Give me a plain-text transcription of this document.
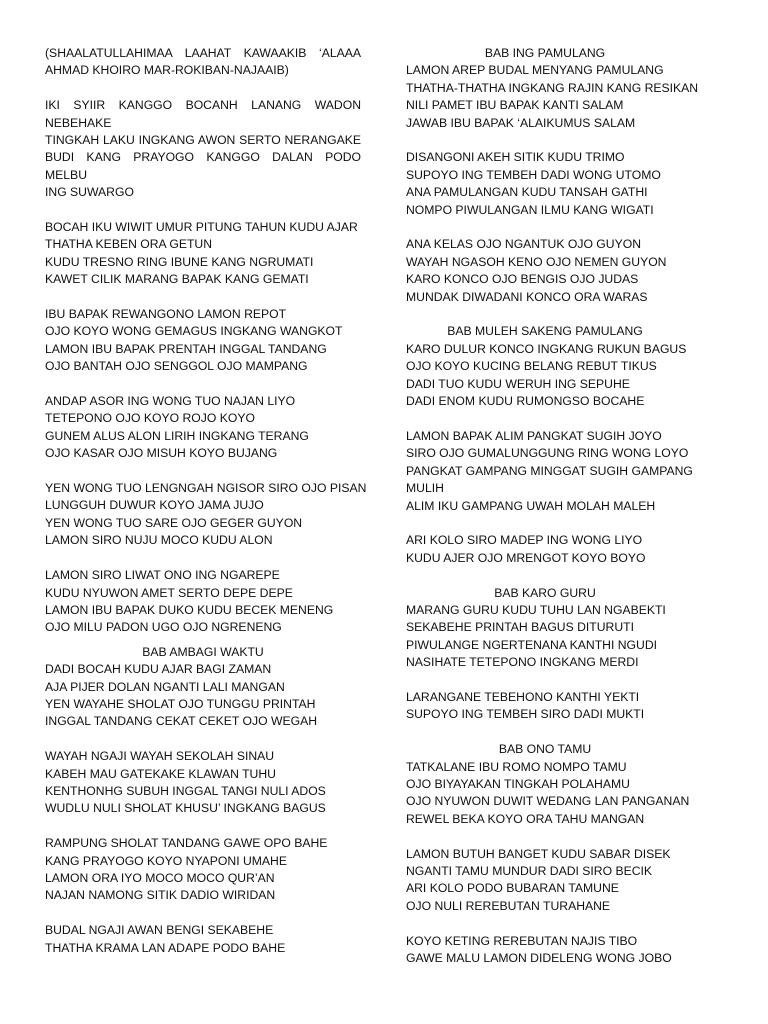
(SHAALATULLAHIMAA LAAHAT KAWAAKIB ‘ALAAA
AHMAD KHOIRO MAR-ROKIBAN-NAJAAIB)
IKI SYIIR KANGGO BOCANH LANANG WADON NEBEHAKE
TINGKAH LAKU INGKANG AWON SERTO NERANGAKE
BUDI KANG PRAYOGO KANGGO DALAN PODO MELBU
ING SUWARGO
BOCAH IKU WIWIT UMUR PITUNG TAHUN KUDU AJAR
THATHA KEBEN ORA GETUN
KUDU TRESNO RING IBUNE KANG NGRUMATI
KAWET CILIK MARANG BAPAK KANG GEMATI
IBU BAPAK REWANGONO LAMON REPOT
OJO KOYO WONG GEMAGUS INGKANG WANGKOT
LAMON IBU BAPAK PRENTAH INGGAL TANDANG
OJO BANTAH OJO SENGGOL OJO MAMPANG
ANDAP ASOR ING WONG TUO NAJAN LIYO
TETEPONO OJO KOYO ROJO KOYO
GUNEM ALUS ALON LIRIH INGKANG TERANG
OJO KASAR OJO MISUH KOYO BUJANG
YEN WONG TUO LENGNGAH NGISOR SIRO OJO PISAN
LUNGGUH DUWUR KOYO JAMA JUJO
YEN WONG TUO SARE OJO GEGER GUYON
LAMON SIRO NUJU MOCO KUDU ALON
LAMON SIRO LIWAT ONO ING NGAREPE
KUDU NYUWON AMET SERTO DEPE DEPE
LAMON IBU BAPAK DUKO KUDU BECEK MENENG
OJO MILU PADON UGO OJO NGRENENG
BAB AMBAGI WAKTU
DADI BOCAH KUDU AJAR BAGI ZAMAN
AJA PIJER DOLAN NGANTI LALI MANGAN
YEN WAYAHE SHOLAT OJO TUNGGU PRINTAH
INGGAL TANDANG CEKAT CEKET OJO WEGAH
WAYAH NGAJI WAYAH SEKOLAH SINAU
KABEH MAU GATEKAKE KLAWAN TUHU
KENTHONHG SUBUH INGGAL TANGI NULI ADOS
WUDLU NULI SHOLAT KHUSU’ INGKANG BAGUS
RAMPUNG SHOLAT TANDANG GAWE OPO BAHE
KANG PRAYOGO KOYO NYAPONI UMAHE
LAMON ORA IYO MOCO MOCO QUR’AN
NAJAN NAMONG SITIK DADIO WIRIDAN
BUDAL NGAJI AWAN BENGI SEKABEHE
THATHA KRAMA LAN ADAPE PODO BAHE
BAB ING PAMULANG
LAMON AREP BUDAL MENYANG PAMULANG
THATHA-THATHA INGKANG RAJIN KANG RESIKAN
NILI PAMET IBU BAPAK KANTI SALAM
JAWAB IBU BAPAK ‘ALAIKUMUS SALAM
DISANGONI AKEH SITIK KUDU TRIMO
SUPOYO ING TEMBEH DADI WONG UTOMO
ANA PAMULANGAN KUDU TANSAH GATHI
NOMPO PIWULANGAN ILMU KANG WIGATI
ANA KELAS OJO NGANTUK OJO GUYON
WAYAH NGASOH KENO OJO NEMEN GUYON
KARO KONCO OJO BENGIS OJO JUDAS
MUNDAK DIWADANI KONCO ORA WARAS
BAB MULEH SAKENG PAMULANG
KARO DULUR KONCO INGKANG RUKUN BAGUS
OJO KOYO KUCING BELANG REBUT TIKUS
DADI TUO KUDU WERUH ING SEPUHE
DADI ENOM KUDU RUMONGSO BOCAHE
LAMON BAPAK ALIM PANGKAT SUGIH JOYO
SIRO OJO GUMALUNGGUNG RING WONG LOYO
PANGKAT GAMPANG MINGGAT SUGIH GAMPANG
MULIH
ALIM IKU GAMPANG UWAH MOLAH MALEH
ARI KOLO SIRO MADEP ING WONG LIYO
KUDU AJER OJO MRENGOT KOYO BOYO
BAB KARO GURU
MARANG GURU KUDU TUHU LAN NGABEKTI
SEKABEHE PRINTAH BAGUS DITURUTI
PIWULANGE NGERTENANA KANTHI NGUDI
NASIHATE TETEPONO INGKANG MERDI
LARANGANE TEBEHONO KANTHI YEKTI
SUPOYO ING TEMBEH SIRO DADI MUKTI
BAB ONO TAMU
TATKALANE IBU ROMO NOMPO TAMU
OJO BIYAYAKAN TINGKAH POLAHAMU
OJO NYUWON DUWIT WEDANG LAN PANGANAN
REWEL BEKA KOYO ORA TAHU MANGAN
LAMON BUTUH BANGET KUDU SABAR DISEK
NGANTI TAMU MUNDUR DADI SIRO BECIK
ARI KOLO PODO BUBARAN TAMUNE
OJO NULI REREBUTAN TURAHANE
KOYO KETING REREBUTAN NAJIS TIBO
GAWE MALU LAMON DIDELENG WONG JOBO
